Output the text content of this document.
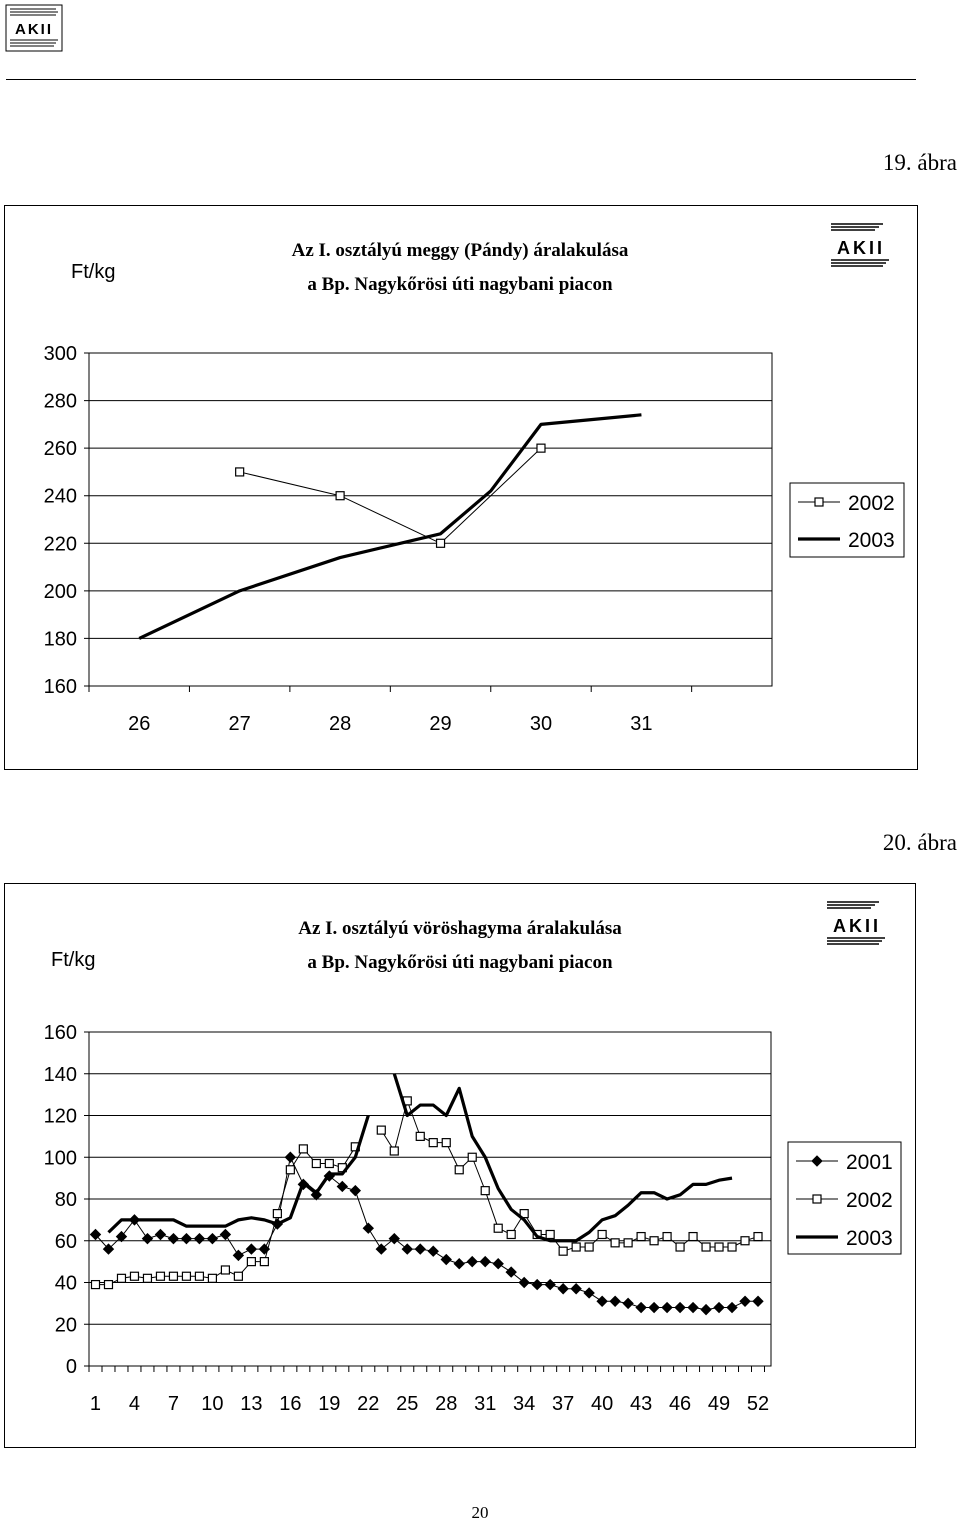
AKII
19. ábra
Az I. osztályú meggy (Pándy) áralakulása
a Bp. Nagykőrösi úti nagybani piacon
Ft/kg
AKII
160
180
200
220
240
260
280
300
26	27	28	29	30	31
2002
2003
20. ábra
Az I. osztályú vöröshagyma áralakulása
a Bp. Nagykőrösi úti nagybani piacon
Ft/kg
AKII
0
20
40
60
80
100
120
140
160
1 4 7 10 13 16 19 22 25 28 31 34 37 40 43 46 49 52
2001
2002
2003
20
